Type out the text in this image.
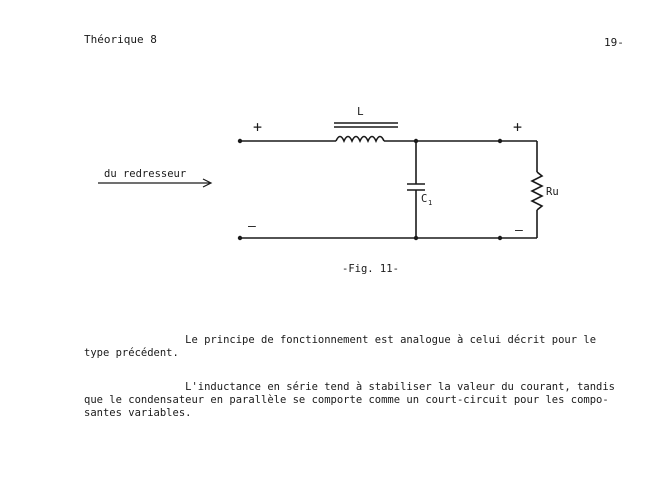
Théorique 8	19-
du redresseur
L
C 1
Ru
+	+
—	—
-Fig. 11-
Le principe de fonctionnement est analogue à celui décrit pour le
type précédent.
L'inductance en série tend à stabiliser la valeur du courant, tandis
que le condensateur en parallèle se comporte comme un court-circuit pour les compo-
santes variables.
